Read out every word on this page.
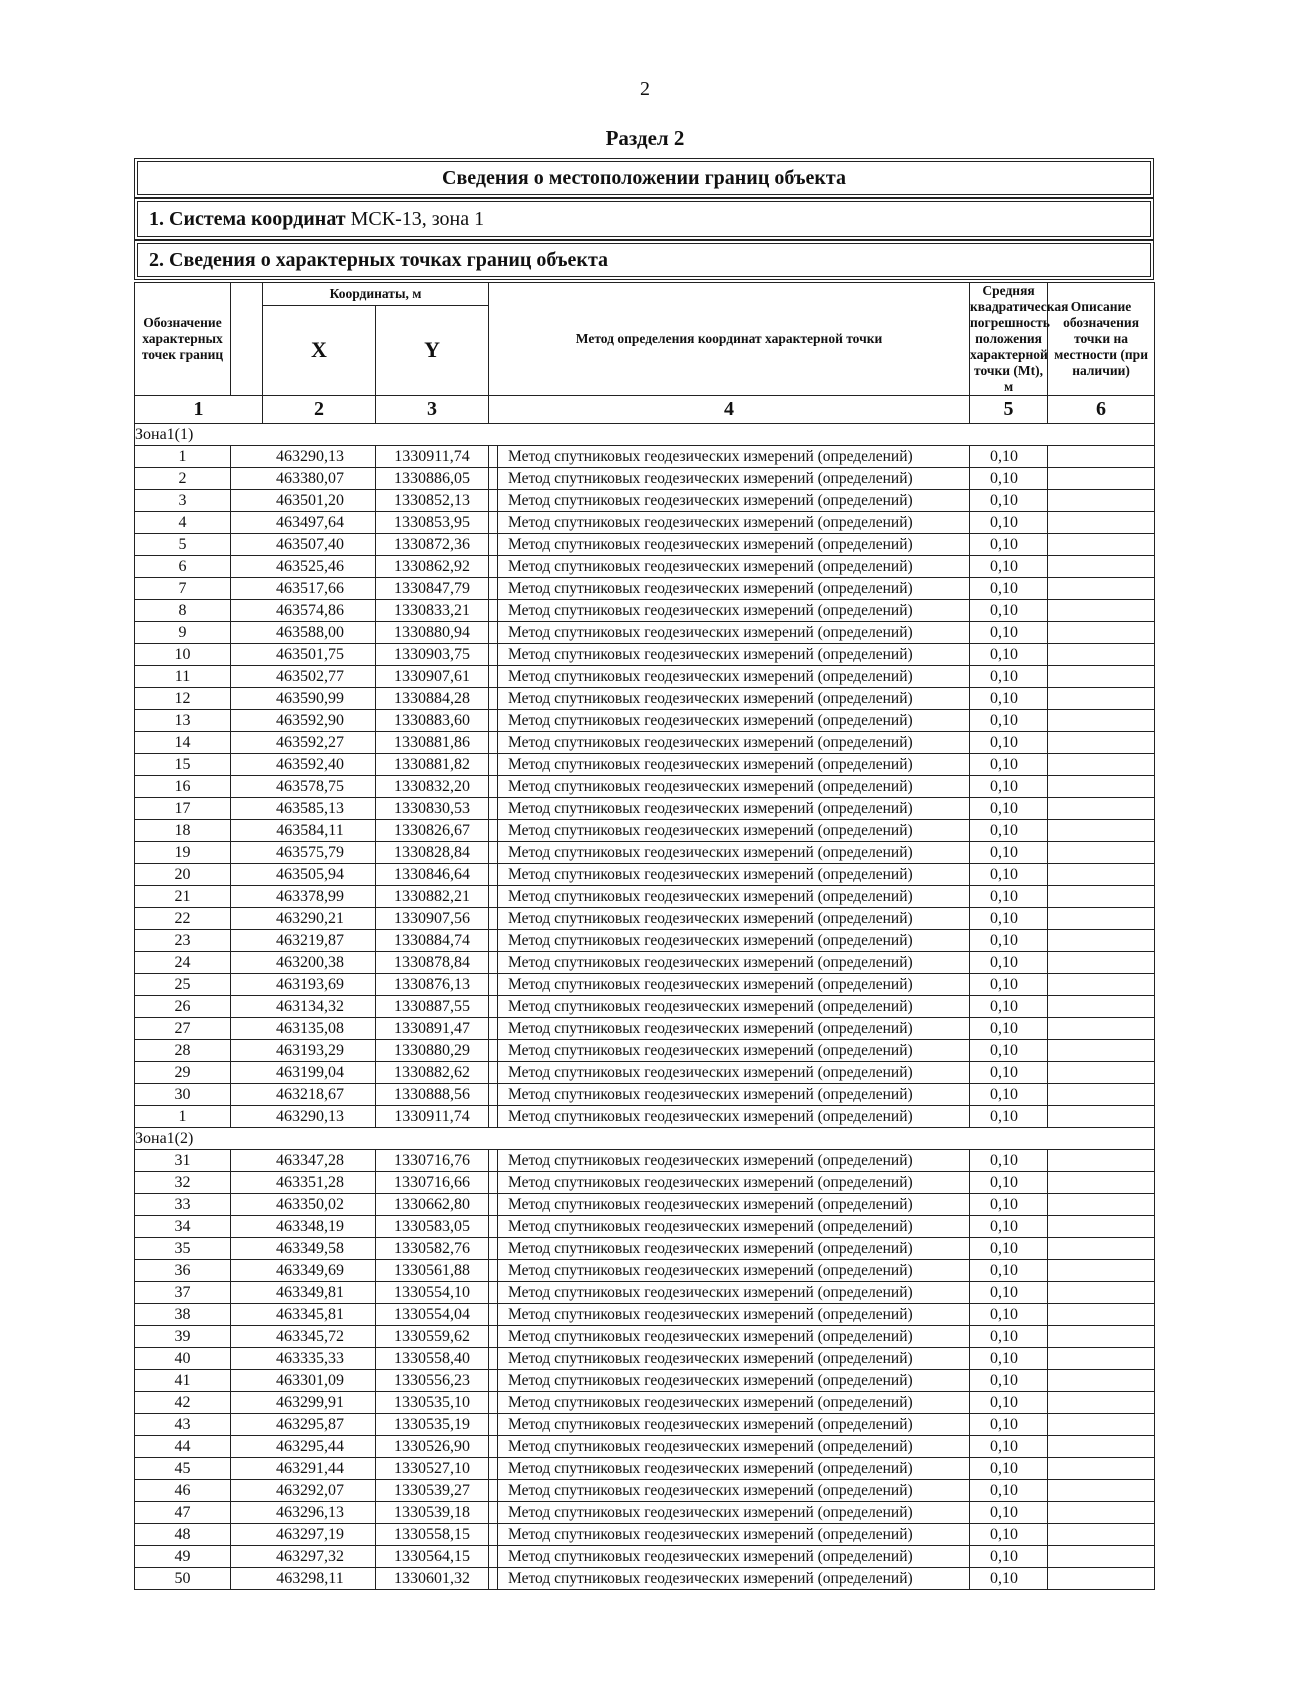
2
Раздел 2
Сведения о местоположении границ объекта
1. Система координат МСК-13, зона 1
2. Сведения о характерных точках границ объекта
Обозначение характерных точек границ		Координаты, м		Метод определения координат характерной точки		Средняя квадратическая погрешность положения характерной точки (Mt), м	Описание обозначения точки на местности (при наличии)	
		X	Y					
1		2	3	4		5	6	
Зона1(1)								
1	463290,13		1330911,74		Метод спутниковых геодезических измерений (определений)	0,10		
2	463380,07		1330886,05		Метод спутниковых геодезических измерений (определений)	0,10		
3	463501,20		1330852,13		Метод спутниковых геодезических измерений (определений)	0,10		
4	463497,64		1330853,95		Метод спутниковых геодезических измерений (определений)	0,10		
5	463507,40		1330872,36		Метод спутниковых геодезических измерений (определений)	0,10		
6	463525,46		1330862,92		Метод спутниковых геодезических измерений (определений)	0,10		
7	463517,66		1330847,79		Метод спутниковых геодезических измерений (определений)	0,10		
8	463574,86		1330833,21		Метод спутниковых геодезических измерений (определений)	0,10		
9	463588,00		1330880,94		Метод спутниковых геодезических измерений (определений)	0,10		
10	463501,75		1330903,75		Метод спутниковых геодезических измерений (определений)	0,10		
11	463502,77		1330907,61		Метод спутниковых геодезических измерений (определений)	0,10		
12	463590,99		1330884,28		Метод спутниковых геодезических измерений (определений)	0,10		
13	463592,90		1330883,60		Метод спутниковых геодезических измерений (определений)	0,10		
14	463592,27		1330881,86		Метод спутниковых геодезических измерений (определений)	0,10		
15	463592,40		1330881,82		Метод спутниковых геодезических измерений (определений)	0,10		
16	463578,75		1330832,20		Метод спутниковых геодезических измерений (определений)	0,10		
17	463585,13		1330830,53		Метод спутниковых геодезических измерений (определений)	0,10		
18	463584,11		1330826,67		Метод спутниковых геодезических измерений (определений)	0,10		
19	463575,79		1330828,84		Метод спутниковых геодезических измерений (определений)	0,10		
20	463505,94		1330846,64		Метод спутниковых геодезических измерений (определений)	0,10		
21	463378,99		1330882,21		Метод спутниковых геодезических измерений (определений)	0,10		
22	463290,21		1330907,56		Метод спутниковых геодезических измерений (определений)	0,10		
23	463219,87		1330884,74		Метод спутниковых геодезических измерений (определений)	0,10		
24	463200,38		1330878,84		Метод спутниковых геодезических измерений (определений)	0,10		
25	463193,69		1330876,13		Метод спутниковых геодезических измерений (определений)	0,10		
26	463134,32		1330887,55		Метод спутниковых геодезических измерений (определений)	0,10		
27	463135,08		1330891,47		Метод спутниковых геодезических измерений (определений)	0,10		
28	463193,29		1330880,29		Метод спутниковых геодезических измерений (определений)	0,10		
29	463199,04		1330882,62		Метод спутниковых геодезических измерений (определений)	0,10		
30	463218,67		1330888,56		Метод спутниковых геодезических измерений (определений)	0,10		
1	463290,13		1330911,74		Метод спутниковых геодезических измерений (определений)	0,10		
Зона1(2)								
31	463347,28		1330716,76		Метод спутниковых геодезических измерений (определений)	0,10		
32	463351,28		1330716,66		Метод спутниковых геодезических измерений (определений)	0,10		
33	463350,02		1330662,80		Метод спутниковых геодезических измерений (определений)	0,10		
34	463348,19		1330583,05		Метод спутниковых геодезических измерений (определений)	0,10		
35	463349,58		1330582,76		Метод спутниковых геодезических измерений (определений)	0,10		
36	463349,69		1330561,88		Метод спутниковых геодезических измерений (определений)	0,10		
37	463349,81		1330554,10		Метод спутниковых геодезических измерений (определений)	0,10		
38	463345,81		1330554,04		Метод спутниковых геодезических измерений (определений)	0,10		
39	463345,72		1330559,62		Метод спутниковых геодезических измерений (определений)	0,10		
40	463335,33		1330558,40		Метод спутниковых геодезических измерений (определений)	0,10		
41	463301,09		1330556,23		Метод спутниковых геодезических измерений (определений)	0,10		
42	463299,91		1330535,10		Метод спутниковых геодезических измерений (определений)	0,10		
43	463295,87		1330535,19		Метод спутниковых геодезических измерений (определений)	0,10		
44	463295,44		1330526,90		Метод спутниковых геодезических измерений (определений)	0,10		
45	463291,44		1330527,10		Метод спутниковых геодезических измерений (определений)	0,10		
46	463292,07		1330539,27		Метод спутниковых геодезических измерений (определений)	0,10		
47	463296,13		1330539,18		Метод спутниковых геодезических измерений (определений)	0,10		
48	463297,19		1330558,15		Метод спутниковых геодезических измерений (определений)	0,10		
49	463297,32		1330564,15		Метод спутниковых геодезических измерений (определений)	0,10		
50	463298,11		1330601,32		Метод спутниковых геодезических измерений (определений)	0,10		
